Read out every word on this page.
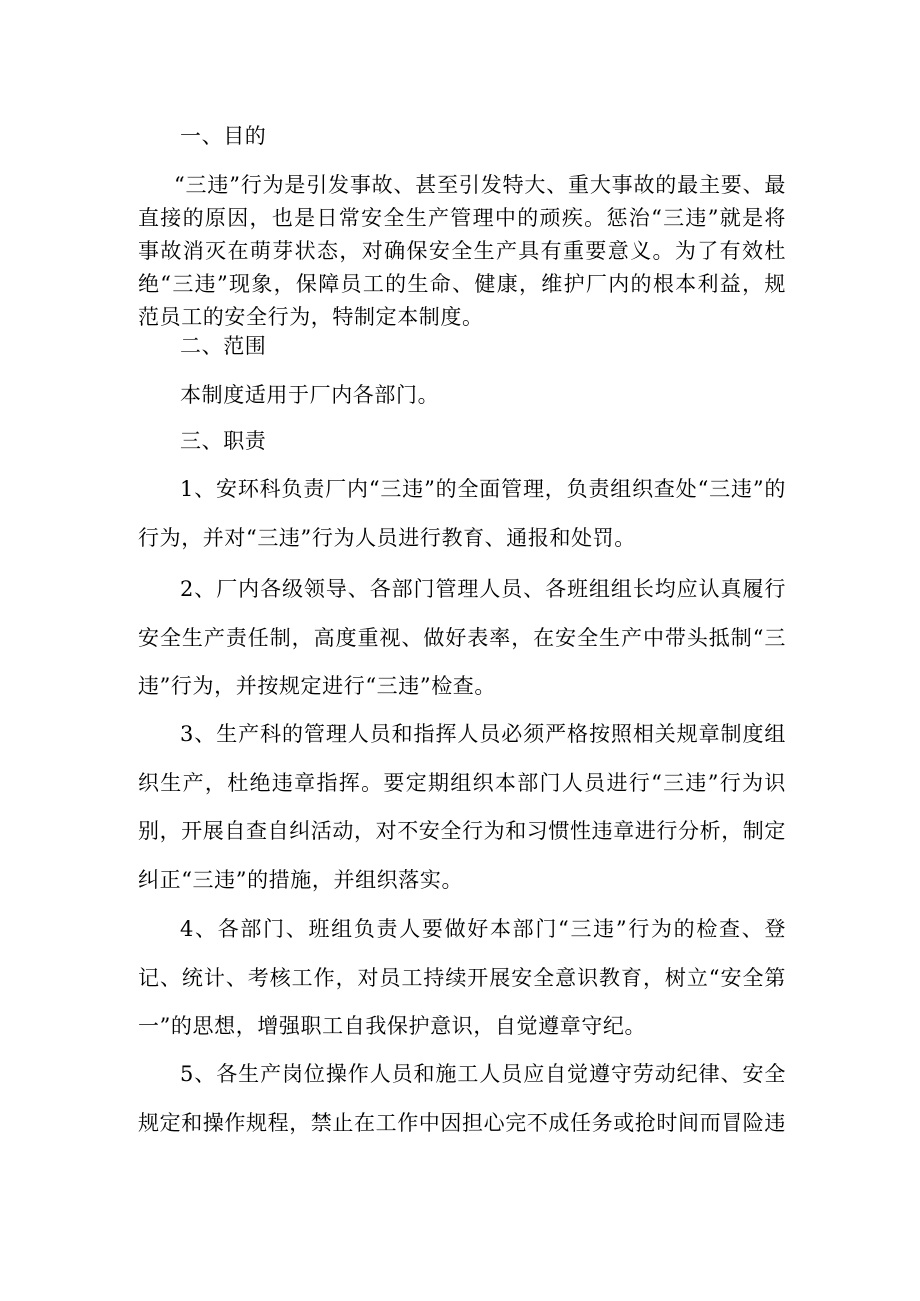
一、目的

“三违”行为是引发事故、甚至引发特大、重大事故的最主要、最直接的原因，也是日常安全生产管理中的顽疾。惩治“三违”就是将事故消灭在萌芽状态，对确保安全生产具有重要意义。为了有效杜绝“三违”现象，保障员工的生命、健康，维护厂内的根本利益，规范员工的安全行为，特制定本制度。

二、范围

本制度适用于厂内各部门。

三、职责

1、安环科负责厂内“三违”的全面管理，负责组织查处“三违”的行为，并对“三违”行为人员进行教育、通报和处罚。

2、厂内各级领导、各部门管理人员、各班组组长均应认真履行安全生产责任制，高度重视、做好表率，在安全生产中带头抵制“三违”行为，并按规定进行“三违”检查。

3、生产科的管理人员和指挥人员必须严格按照相关规章制度组织生产，杜绝违章指挥。要定期组织本部门人员进行“三违”行为识别，开展自查自纠活动，对不安全行为和习惯性违章进行分析，制定纠正“三违”的措施，并组织落实。

4、各部门、班组负责人要做好本部门“三违”行为的检查、登记、统计、考核工作，对员工持续开展安全意识教育，树立“安全第一”的思想，增强职工自我保护意识，自觉遵章守纪。

5、各生产岗位操作人员和施工人员应自觉遵守劳动纪律、安全规定和操作规程，禁止在工作中因担心完不成任务或抢时间而冒险违
